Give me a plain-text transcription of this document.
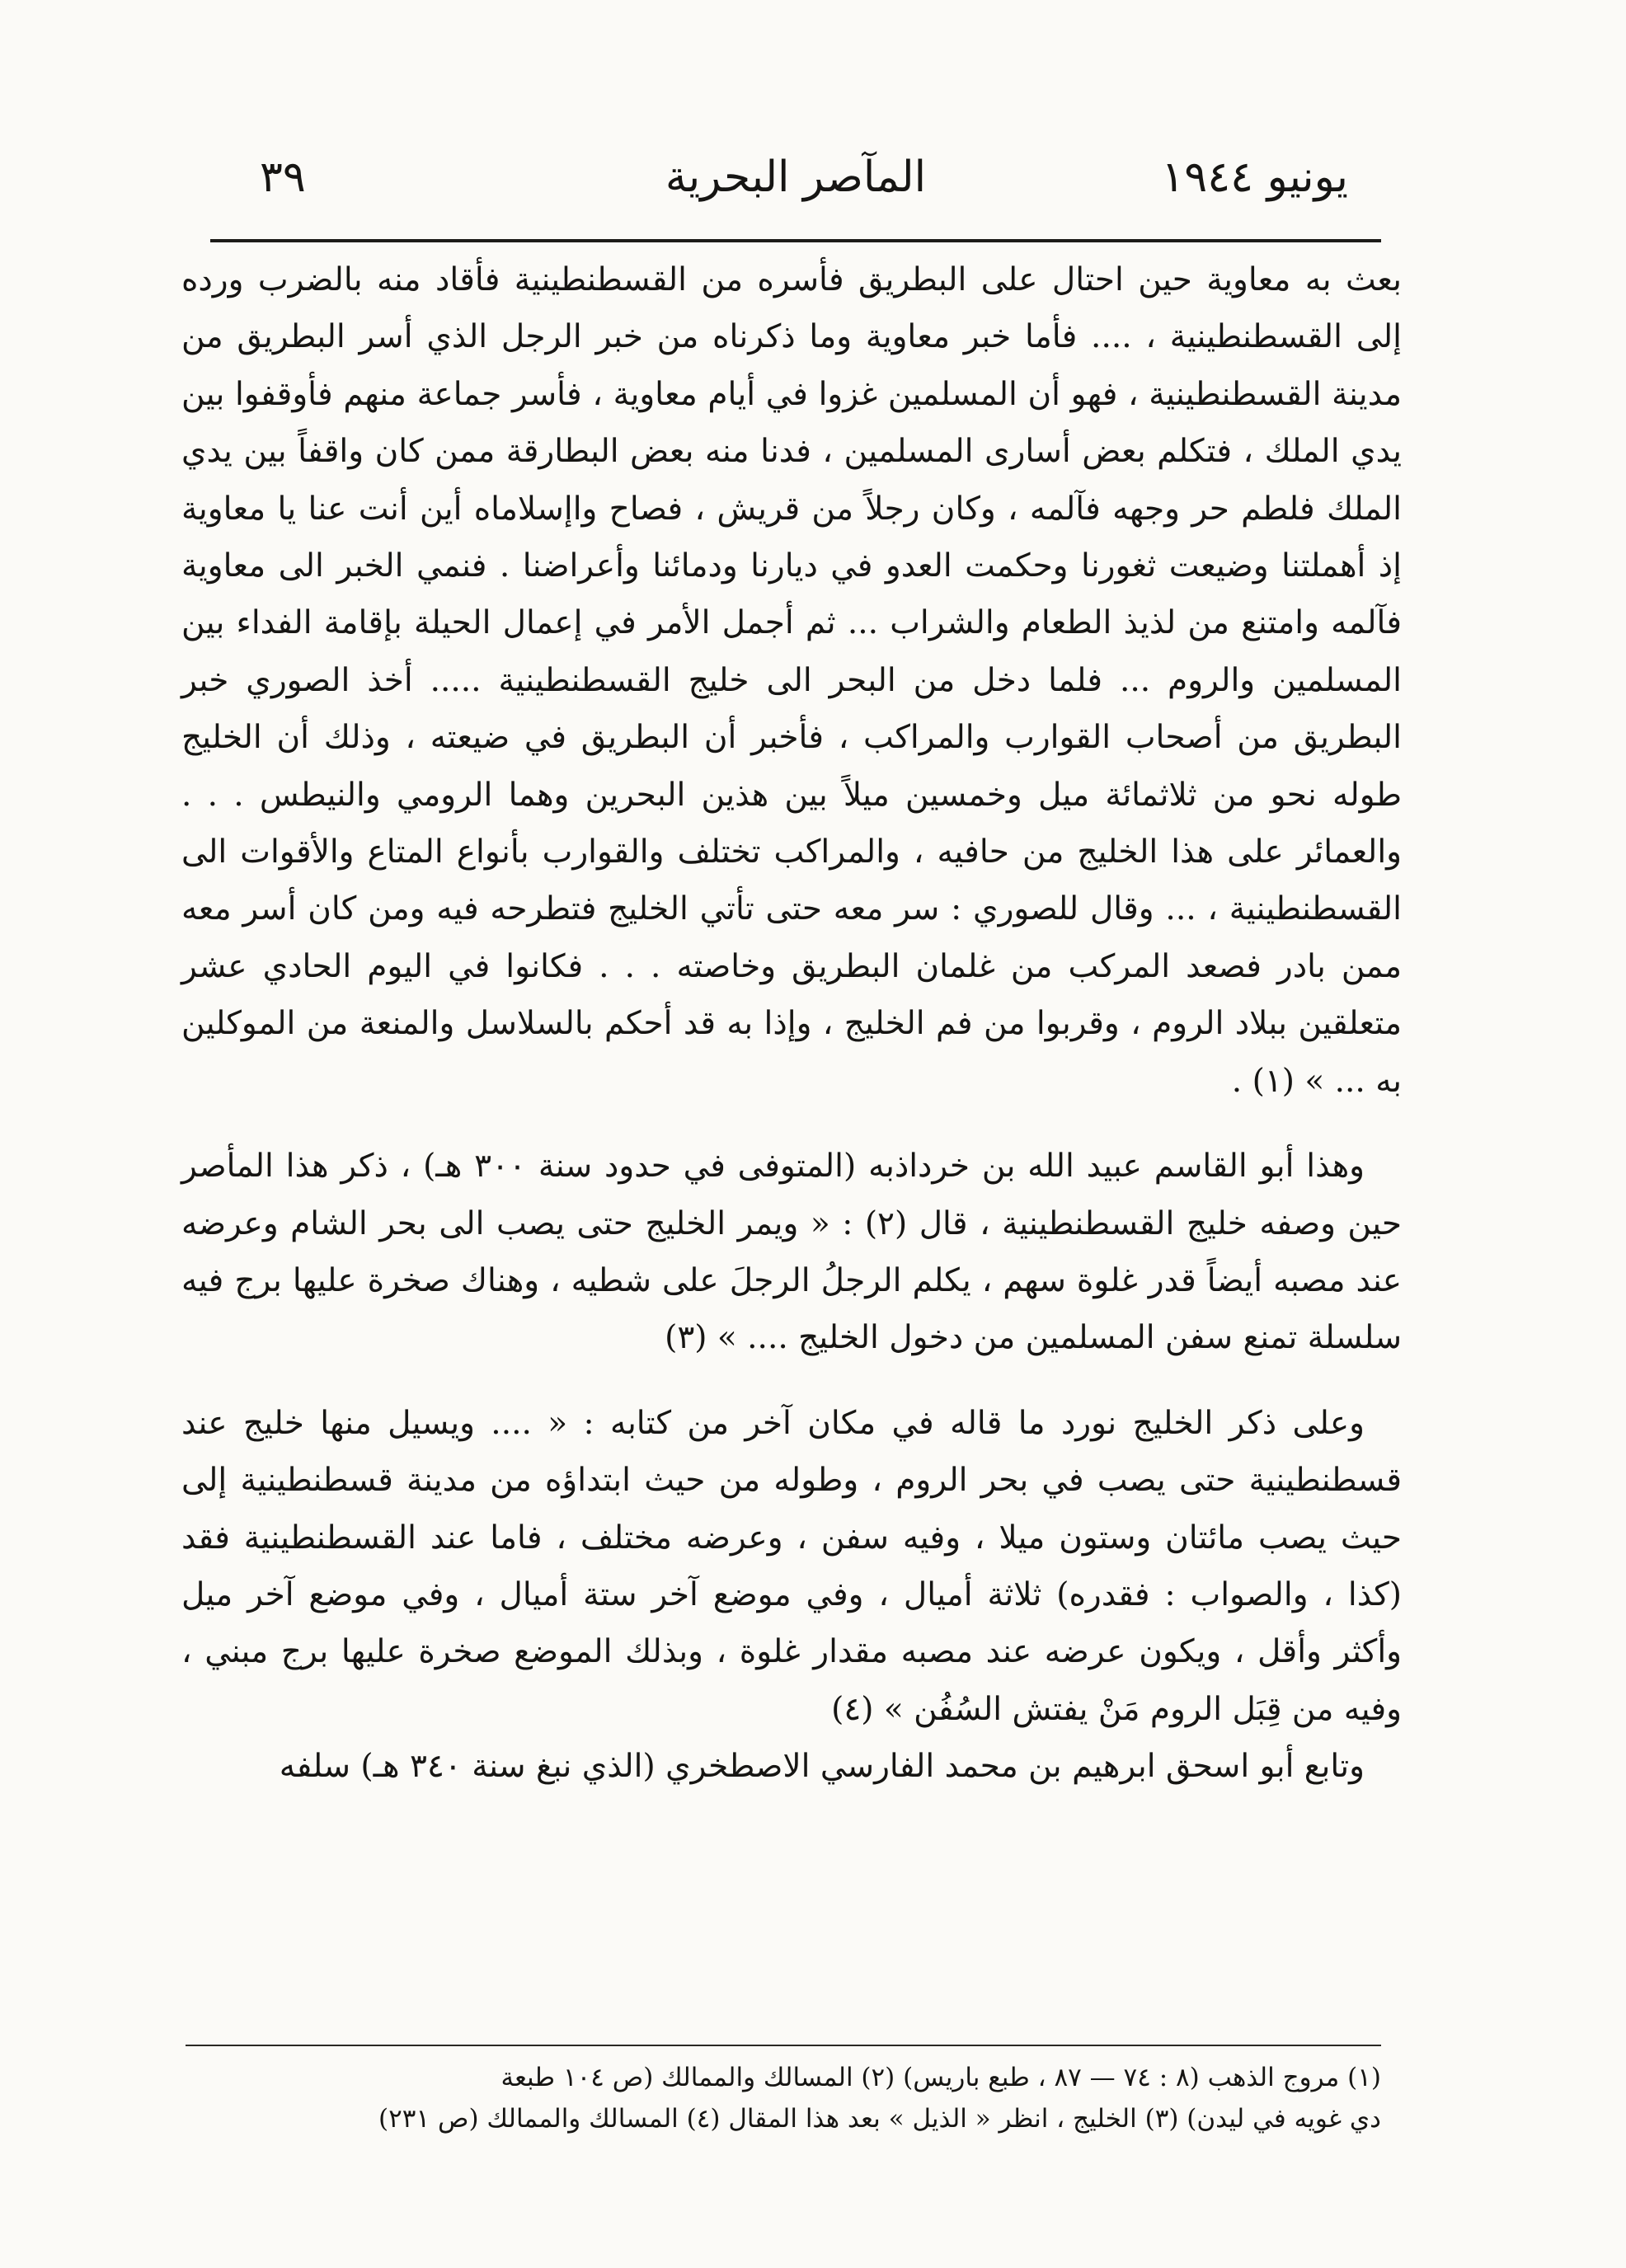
يونيو ١٩٤٤
المآصر البحرية
٣٩

بعث به معاوية حين احتال على البطريق فأسره من القسطنطينية فأقاد منه بالضرب ورده إلى القسطنطينية ، .... فأما خبر معاوية وما ذكرناه من خبر الرجل الذي أسر البطريق من مدينة القسطنطينية ، فهو أن المسلمين غزوا في أيام معاوية ، فأسر جماعة منهم فأوقفوا بين يدي الملك ، فتكلم بعض أسارى المسلمين ، فدنا منه بعض البطارقة ممن كان واقفاً بين يدي الملك فلطم حر وجهه فآلمه ، وكان رجلاً من قريش ، فصاح واإسلاماه أين أنت عنا يا معاوية إذ أهملتنا وضيعت ثغورنا وحكمت العدو في ديارنا ودمائنا وأعراضنا . فنمي الخبر الى معاوية فآلمه وامتنع من لذيذ الطعام والشراب ... ثم أجمل الأمر في إعمال الحيلة بإقامة الفداء بين المسلمين والروم ... فلما دخل من البحر الى خليج القسطنطينية ..... أخذ الصوري خبر البطريق من أصحاب القوارب والمراكب ، فأخبر أن البطريق في ضيعته ، وذلك أن الخليج طوله نحو من ثلاثمائة ميل وخمسين ميلاً بين هذين البحرين وهما الرومي والنيطس . . . والعمائر على هذا الخليج من حافيه ، والمراكب تختلف والقوارب بأنواع المتاع والأقوات الى القسطنطينية ، ... وقال للصوري : سر معه حتى تأتي الخليج فتطرحه فيه ومن كان أسر معه ممن بادر فصعد المركب من غلمان البطريق وخاصته . . . فكانوا في اليوم الحادي عشر متعلقين ببلاد الروم ، وقربوا من فم الخليج ، وإذا به قد أحكم بالسلاسل والمنعة من الموكلين به ... » (١) .

وهذا أبو القاسم عبيد الله بن خرداذبه (المتوفى في حدود سنة ٣٠٠ هـ) ، ذكر هذا المأصر حين وصفه خليج القسطنطينية ، قال (٢) : « ويمر الخليج حتى يصب الى بحر الشام وعرضه عند مصبه أيضاً قدر غلوة سهم ، يكلم الرجلُ الرجلَ على شطيه ، وهناك صخرة عليها برج فيه سلسلة تمنع سفن المسلمين من دخول الخليج .... » (٣)

وعلى ذكر الخليج نورد ما قاله في مكان آخر من كتابه : « .... ويسيل منها خليج عند قسطنطينية حتى يصب في بحر الروم ، وطوله من حيث ابتداؤه من مدينة قسطنطينية إلى حيث يصب مائتان وستون ميلا ، وفيه سفن ، وعرضه مختلف ، فاما عند القسطنطينية فقد (كذا ، والصواب : فقدره) ثلاثة أميال ، وفي موضع آخر ستة أميال ، وفي موضع آخر ميل وأكثر وأقل ، ويكون عرضه عند مصبه مقدار غلوة ، وبذلك الموضع صخرة عليها برج مبني ، وفيه من قِبَل الروم مَنْ يفتش السُفُن » (٤)

وتابع أبو اسحق ابرهيم بن محمد الفارسي الاصطخري (الذي نبغ سنة ٣٤٠ هـ) سلفه

(١) مروج الذهب (٨ : ٧٤ — ٨٧ ، طبع باريس) (٢) المسالك والممالك (ص ١٠٤ طبعة

دي غويه في ليدن) (٣) الخليج ، انظر « الذيل » بعد هذا المقال (٤) المسالك والممالك (ص ٢٣١)
